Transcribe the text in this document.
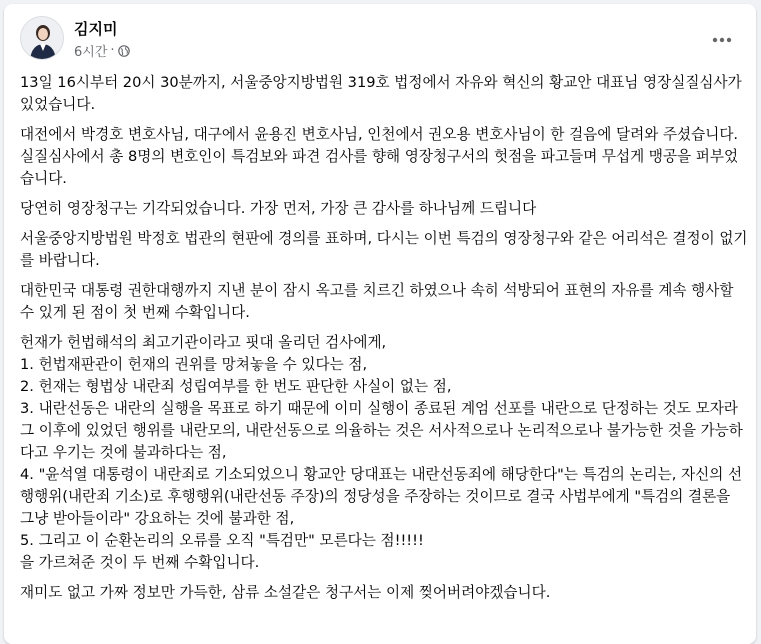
김지미
6시간 ·

13일 16시부터 20시 30분까지, 서울중앙지방법원 319호 법정에서 자유와 혁신의 황교안 대표님 영장실질심사가 있었습니다.

대전에서 박경호 변호사님, 대구에서 윤용진 변호사님, 인천에서 권오용 변호사님이 한 걸음에 달려와 주셨습니다.
실질심사에서 총 8명의 변호인이 특검보와 파견 검사를 향해 영장청구서의 헛점을 파고들며 무섭게 맹공을 퍼부었습니다.

당연히 영장청구는 기각되었습니다. 가장 먼저, 가장 큰 감사를 하나님께 드립니다

서울중앙지방법원 박정호 법관의 현판에 경의를 표하며, 다시는 이번 특검의 영장청구와 같은 어리석은 결정이 없기를 바랍니다.

대한민국 대통령 권한대행까지 지낸 분이 잠시 옥고를 치르긴 하였으나 속히 석방되어 표현의 자유를 계속 행사할 수 있게 된 점이 첫 번째 수확입니다.

헌재가 헌법해석의 최고기관이라고 핏대 올리던 검사에게,
1. 헌법재판관이 헌재의 권위를 망쳐놓을 수 있다는 점,
2. 헌재는 형법상 내란죄 성립여부를 한 번도 판단한 사실이 없는 점,
3. 내란선동은 내란의 실행을 목표로 하기 때문에 이미 실행이 종료된 계엄 선포를 내란으로 단정하는 것도 모자라 그 이후에 있었던 행위를 내란모의, 내란선동으로 의율하는 것은 서사적으로나 논리적으로나 불가능한 것을 가능하다고 우기는 것에 불과하다는 점,
4. "윤석열 대통령이 내란죄로 기소되었으니 황교안 당대표는 내란선동죄에 해당한다"는 특검의 논리는, 자신의 선행행위(내란죄 기소)로 후행행위(내란선동 주장)의 정당성을 주장하는 것이므로 결국 사법부에게 "특검의 결론을 그냥 받아들이라" 강요하는 것에 불과한 점,
5. 그리고 이 순환논리의 오류를 오직 "특검만" 모른다는 점!!!!!
을 가르쳐준 것이 두 번째 수확입니다.

재미도 없고 가짜 정보만 가득한, 삼류 소설같은 청구서는 이제 찢어버려야겠습니다.
